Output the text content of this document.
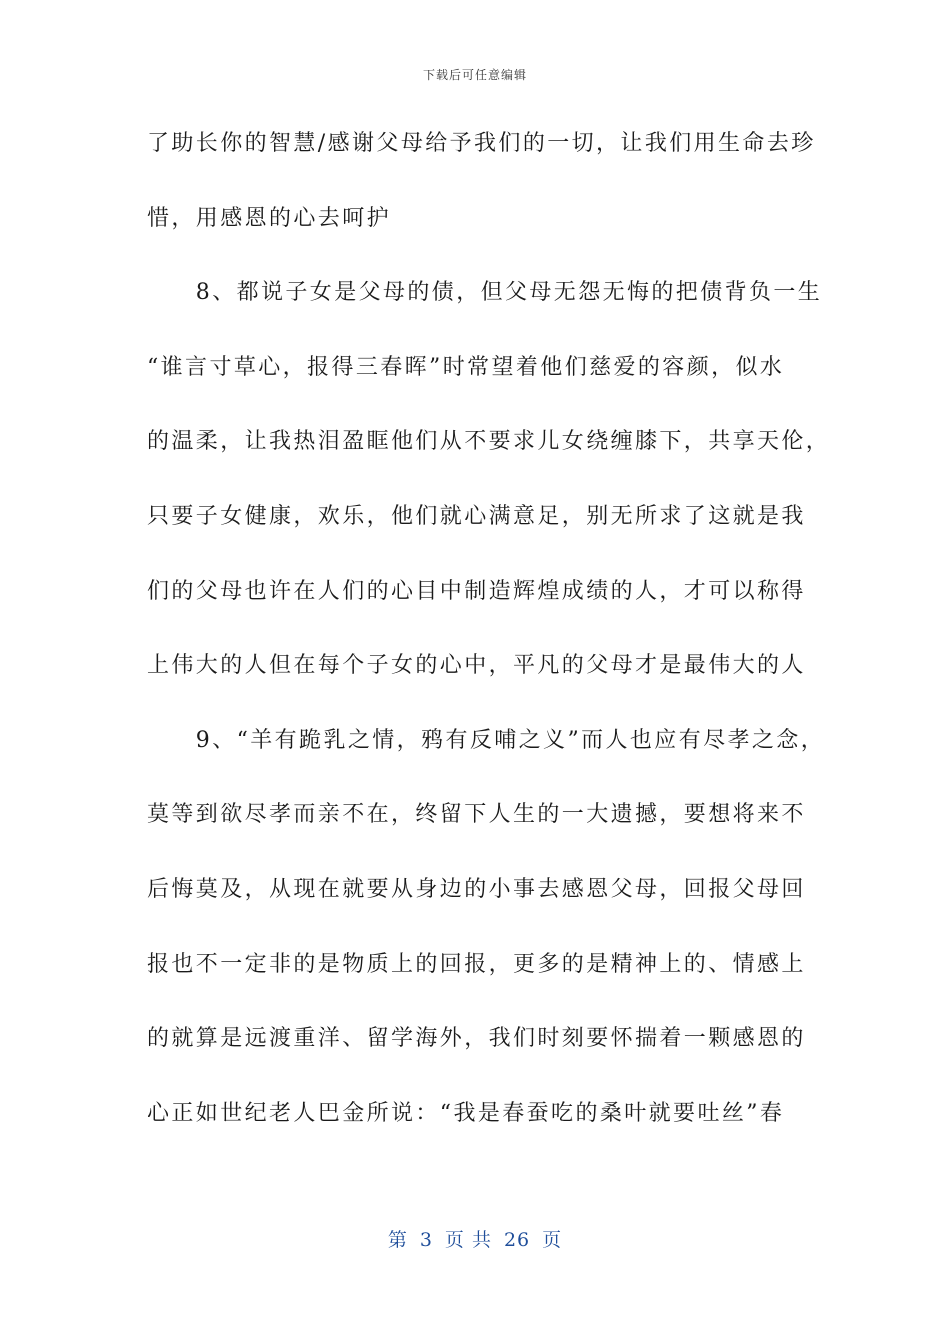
下载后可任意编辑
了助长你的智慧/感谢父母给予我们的一切，让我们用生命去珍
惜，用感恩的心去呵护
　　8、都说子女是父母的债，但父母无怨无悔的把债背负一生
“谁言寸草心，报得三春晖”时常望着他们慈爱的容颜，似水
的温柔，让我热泪盈眶他们从不要求儿女绕缠膝下，共享天伦，
只要子女健康，欢乐，他们就心满意足，别无所求了这就是我
们的父母也许在人们的心目中制造辉煌成绩的人，才可以称得
上伟大的人但在每个子女的心中，平凡的父母才是最伟大的人
　　9、“羊有跪乳之情，鸦有反哺之义”而人也应有尽孝之念，
莫等到欲尽孝而亲不在，终留下人生的一大遗撼，要想将来不
后悔莫及，从现在就要从身边的小事去感恩父母，回报父母回
报也不一定非的是物质上的回报，更多的是精神上的、情感上
的就算是远渡重洋、留学海外，我们时刻要怀揣着一颗感恩的
心正如世纪老人巴金所说：“我是春蚕吃的桑叶就要吐丝”春
第 3 页 共 26 页
